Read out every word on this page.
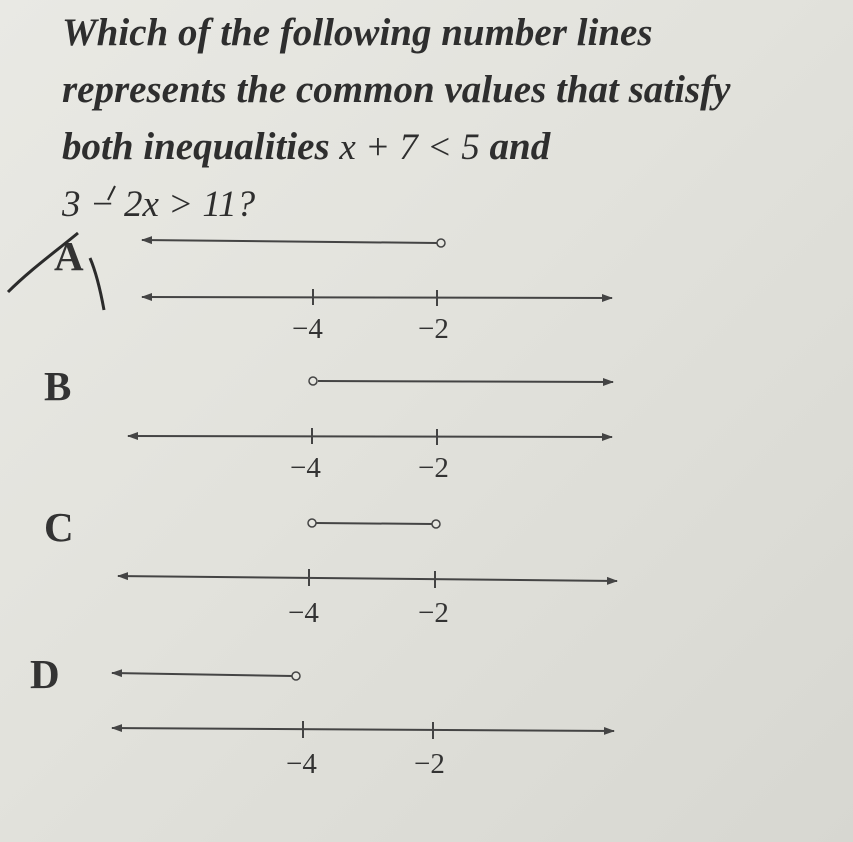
Which of the following number lines
represents the common values that satisfy
both inequalities x + 7 < 5 and
3 − 2x > 11?
A
B
C
D
−4	−2
−4	−2
−4	−2
−4	−2
